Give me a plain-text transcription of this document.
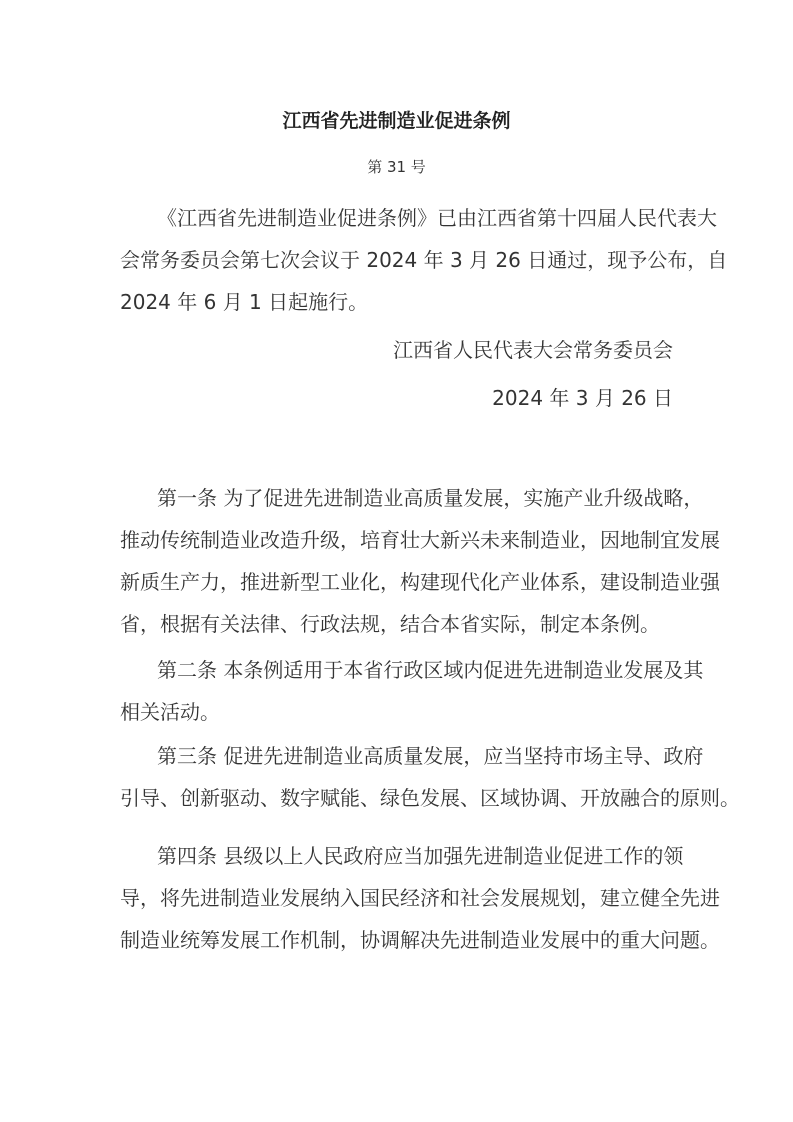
江西省先进制造业促进条例
第 31 号
《江西省先进制造业促进条例》已由江西省第十四届人民代表大
会常务委员会第七次会议于 2024 年 3 月 26 日通过，现予公布，自
2024 年 6 月 1 日起施行。
江西省人民代表大会常务委员会
2024 年 3 月 26 日
第一条 为了促进先进制造业高质量发展，实施产业升级战略，
推动传统制造业改造升级，培育壮大新兴未来制造业，因地制宜发展
新质生产力，推进新型工业化，构建现代化产业体系，建设制造业强
省，根据有关法律、行政法规，结合本省实际，制定本条例。
第二条 本条例适用于本省行政区域内促进先进制造业发展及其
相关活动。
第三条 促进先进制造业高质量发展，应当坚持市场主导、政府
引导、创新驱动、数字赋能、绿色发展、区域协调、开放融合的原则。
第四条 县级以上人民政府应当加强先进制造业促进工作的领
导，将先进制造业发展纳入国民经济和社会发展规划，建立健全先进
制造业统筹发展工作机制，协调解决先进制造业发展中的重大问题。
